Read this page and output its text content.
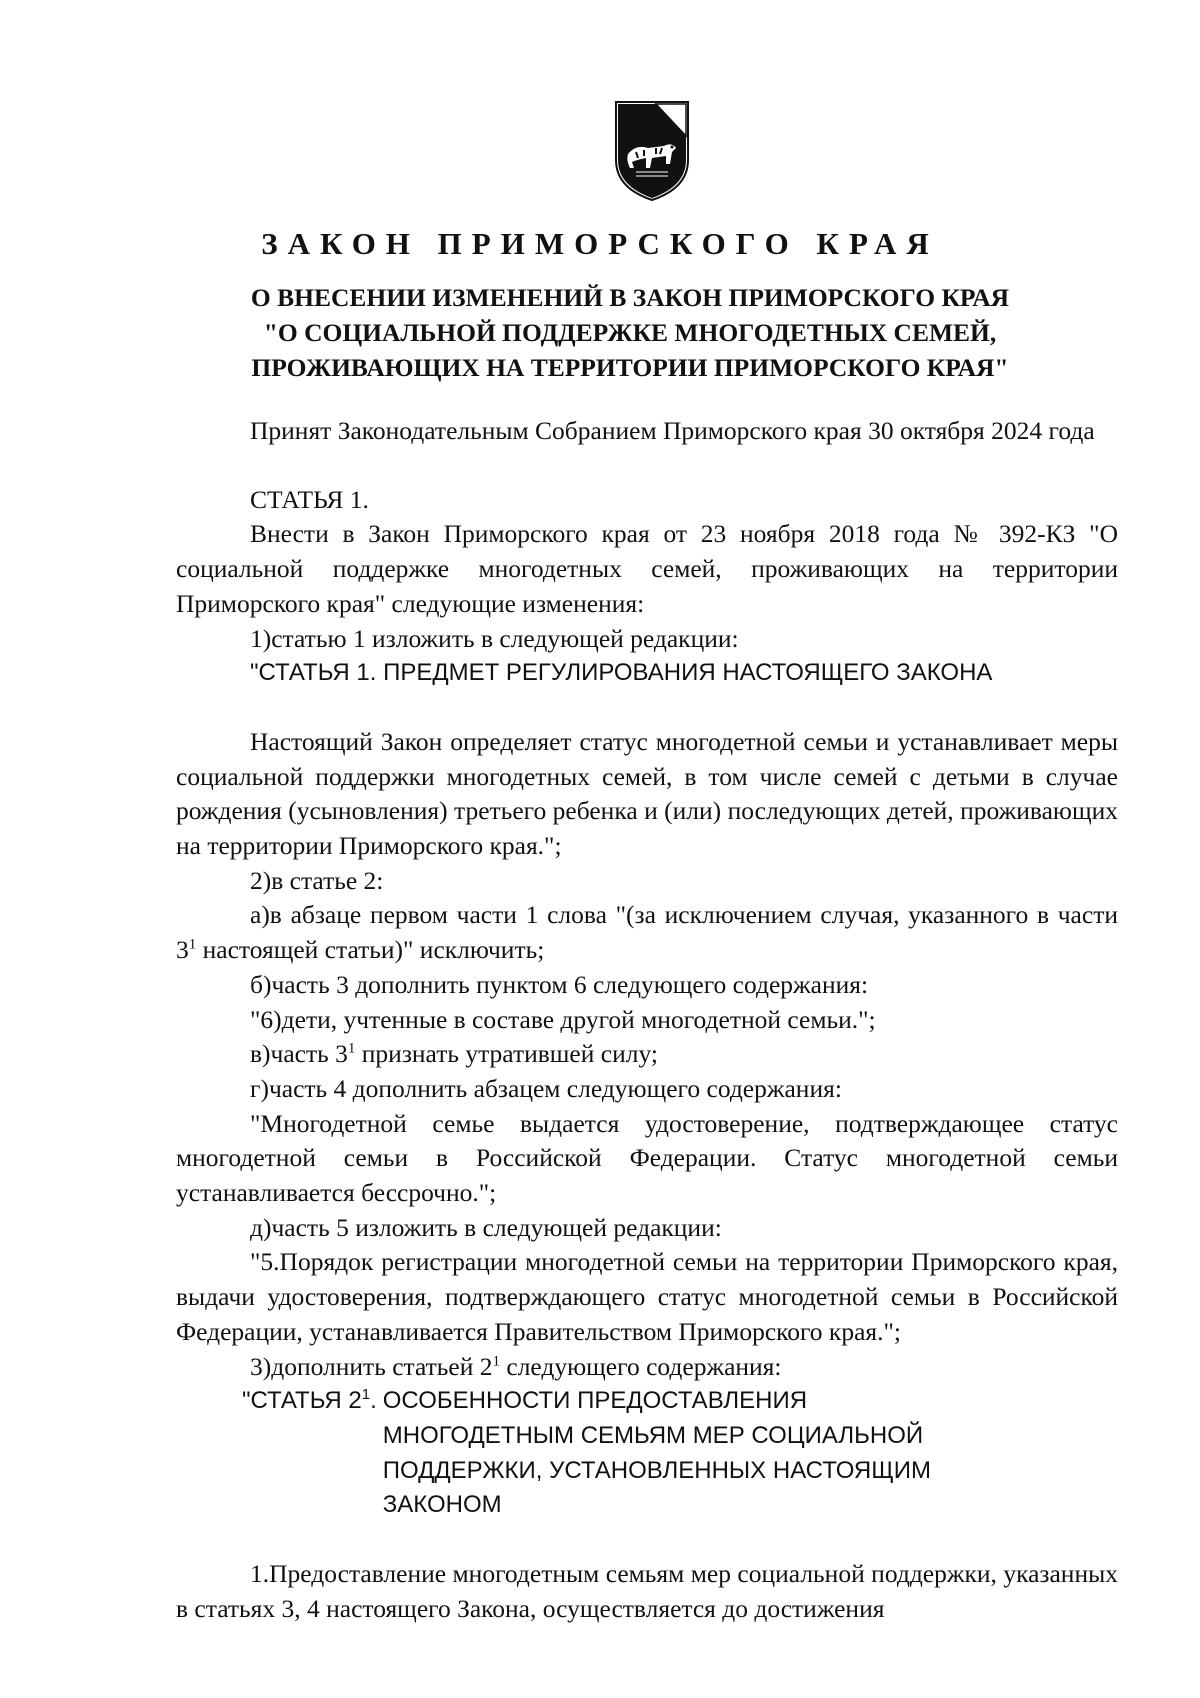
ЗАКОН ПРИМОРСКОГО КРАЯ
О ВНЕСЕНИИ ИЗМЕНЕНИЙ В ЗАКОН ПРИМОРСКОГО КРАЯ
"О СОЦИАЛЬНОЙ ПОДДЕРЖКЕ МНОГОДЕТНЫХ СЕМЕЙ,
ПРОЖИВАЮЩИХ НА ТЕРРИТОРИИ ПРИМОРСКОГО КРАЯ"

Принят Законодательным Собранием Приморского края 30 октября 2024 года

СТАТЬЯ 1.

Внести в Закон Приморского края от 23 ноября 2018 года № 392-КЗ "О социальной поддержке многодетных семей, проживающих на территории Приморского края" следующие изменения:

1)статью 1 изложить в следующей редакции:

"СТАТЬЯ 1. ПРЕДМЕТ РЕГУЛИРОВАНИЯ НАСТОЯЩЕГО ЗАКОНА

Настоящий Закон определяет статус многодетной семьи и устанавливает меры социальной поддержки многодетных семей, в том числе семей с детьми в случае рождения (усыновления) третьего ребенка и (или) последующих детей, проживающих на территории Приморского края.";

2)в статье 2:

а)в абзаце первом части 1 слова "(за исключением случая, указанного в части $3^1$ настоящей статьи)" исключить;

б)часть 3 дополнить пунктом 6 следующего содержания:

"6)дети, учтенные в составе другой многодетной семьи.";

в)часть $3^1$ признать утратившей силу;

г)часть 4 дополнить абзацем следующего содержания:

"Многодетной семье выдается удостоверение, подтверждающее статус многодетной семьи в Российской Федерации. Статус многодетной семьи устанавливается бессрочно.";

д)часть 5 изложить в следующей редакции:

"5.Порядок регистрации многодетной семьи на территории Приморского края, выдачи удостоверения, подтверждающего статус многодетной семьи в Российской Федерации, устанавливается Правительством Приморского края.";

3)дополнить статьей $2^1$ следующего содержания:

"СТАТЬЯ $2^1$. ОСОБЕННОСТИ ПРЕДОСТАВЛЕНИЯ
МНОГОДЕТНЫМ СЕМЬЯМ МЕР СОЦИАЛЬНОЙ
ПОДДЕРЖКИ, УСТАНОВЛЕННЫХ НАСТОЯЩИМ
ЗАКОНОМ

1.Предоставление многодетным семьям мер социальной поддержки, указанных в статьях 3, 4 настоящего Закона, осуществляется до достижения
